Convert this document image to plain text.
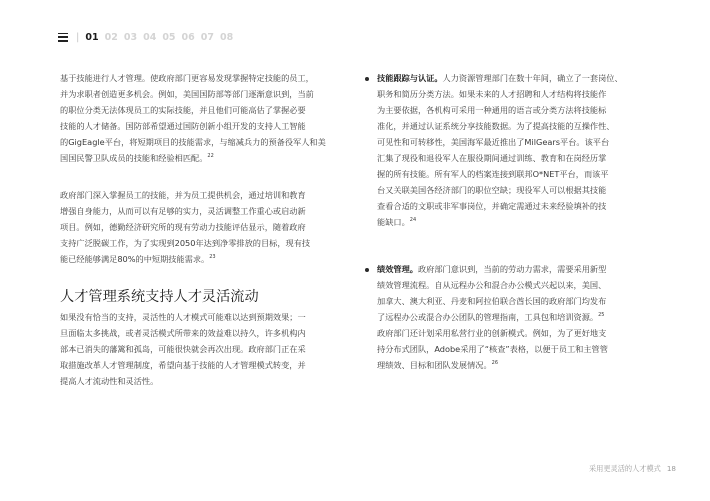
| 01 02 03 04 05 06 07 08

基于技能进行人才管理。使政府部门更容易发现掌握特定技能的员工，

并为求职者创造更多机会。例如，美国国防部等部门逐渐意识到，当前

的职位分类无法体现员工的实际技能，并且他们可能高估了掌握必要

技能的人才储备。国防部希望通过国防创新小组开发的支持人工智能

的GigEagle平台，将短期项目的技能需求，与缩减兵力的预备役军人和美

国国民警卫队成员的技能和经验相匹配。$^{22}$

政府部门深入掌握员工的技能，并为员工提供机会，通过培训和教育

增强自身能力，从而可以有足够的实力，灵活调整工作重心或启动新

项目。例如，德勤经济研究所的现有劳动力技能评估显示，随着政府

支持广泛脱碳工作，为了实现到2050年达到净零排放的目标，现有技

能已经能够满足80%的中短期技能需求。$^{23}$

人才管理系统支持人才灵活流动

如果没有恰当的支持，灵活性的人才模式可能难以达到预期效果；一

旦面临太多挑战，或者灵活模式所带来的效益难以持久，许多机构内

部本已消失的藩篱和孤岛，可能很快就会再次出现。政府部门正在采

取措施改革人才管理制度，希望向基于技能的人才管理模式转变，并

提高人才流动性和灵活性。

技能跟踪与认证。人力资源管理部门在数十年间，确立了一套岗位、

职务和简历分类方法。如果未来的人才招聘和人才结构将技能作

为主要依据，各机构可采用一种通用的语言或分类方法将技能标

准化，并通过认证系统分享技能数据。为了提高技能的互操作性、

可见性和可转移性，美国海军最近推出了MilGears平台。该平台

汇集了现役和退役军人在服役期间通过训练、教育和在岗经历掌

握的所有技能。所有军人的档案连接到联邦O*NET平台，而该平

台又关联美国各经济部门的职位空缺；现役军人可以根据其技能

查看合适的文职或非军事岗位，并确定需通过未来经验填补的技

能缺口。$^{24}$

绩效管理。政府部门意识到，当前的劳动力需求，需要采用新型

绩效管理流程。自从远程办公和混合办公模式兴起以来，美国、

加拿大、澳大利亚、丹麦和阿拉伯联合酋长国的政府部门均发布

了远程办公或混合办公团队的管理指南，工具包和培训资源。$^{25}$

政府部门还计划采用私营行业的创新模式。例如，为了更好地支

持分布式团队，Adobe采用了“核查”表格，以便于员工和主管管

理绩效、目标和团队发展情况。$^{26}$

采用更灵活的人才模式 18
